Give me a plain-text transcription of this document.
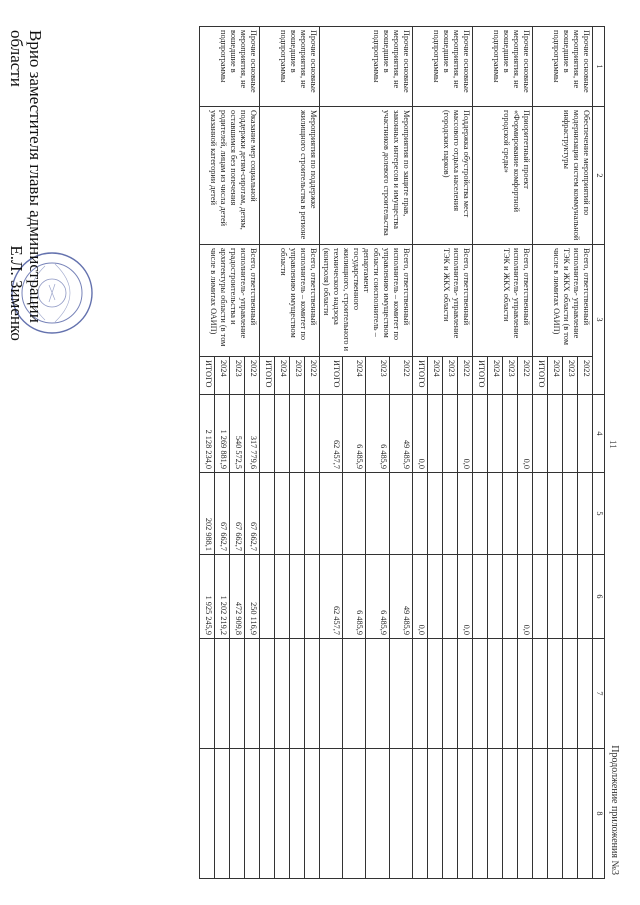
11
Продолжение приложения №3
1	2	3		4	5	6	7	8
Прочие основные мероприятия, не вошедшие в подпрограммы	Обеспечение мероприятий по модернизации систем коммунальной инфраструктуры	Всего, ответственный исполнитель- управление ТЭК и ЖКХ области (в том числе в лимитах ОАИП)	2022					
			2023					
			2024					
			ИТОГО					
Прочие основные мероприятия, не вошедшие в подпрограммы	Приоритетный проект «Формирование комфортной городской среды»	Всего, ответственный исполнитель- управление ТЭК и ЖКХ области	2022	0,0		0,0		
			2023					
			2024					
			ИТОГО					
Прочие основные мероприятия, не вошедшие в подпрограммы	Поддержка обустройства мест массового отдыха населения (городских парков)	Всего, ответственный исполнитель- управление ТЭК и ЖКХ области	2022	0,0		0,0		
			2023					
			2024					
			ИТОГО	0,0		0,0		
Прочие основные мероприятия, не вошедшие в подпрограммы	Мероприятия по защите прав, законных интересов и имущества участников долевого строительства	Всего, ответственный исполнитель – комитет по управлению имуществом области соисполнитель – департамент государственного жилищного, строительного и технического надзора (контроля) области	2022	49 485,9		49 485,9		
			2023	6 485,9		6 485,9		
			2024	6 485,9		6 485,9		
			ИТОГО	62 457,7		62 457,7		
Прочие основные мероприятия, не вошедшие в подпрограммы	Мероприятия по поддержке жилищного строительства в регионе	Всего, ответственный исполнитель – комитет по управлению имуществом области	2022					
			2023					
			2024					
			ИТОГО					
Прочие основные мероприятия, не вошедшие в подпрограммы	Оказание мер социальной поддержки детям-сиротам, детям, оставшимся без попечения родителей, лицам из числа детей указанной категории детей	Всего, ответственный исполнитель- управление градостроительства и архитектуры области (в том числе в лимитах ОАИП)	2022	317 779,6	67 662,7	250 116,9		
			2023	540 572,5	67 662,7	472 909,8		
			2024	1 269 881,9	67 662,7	1 202 219,2		
			ИТОГО	2 128 234,0	202 988,1	1 925 245,9		
Врио заместителя главы администрации
области  Е.Л. Зименко
